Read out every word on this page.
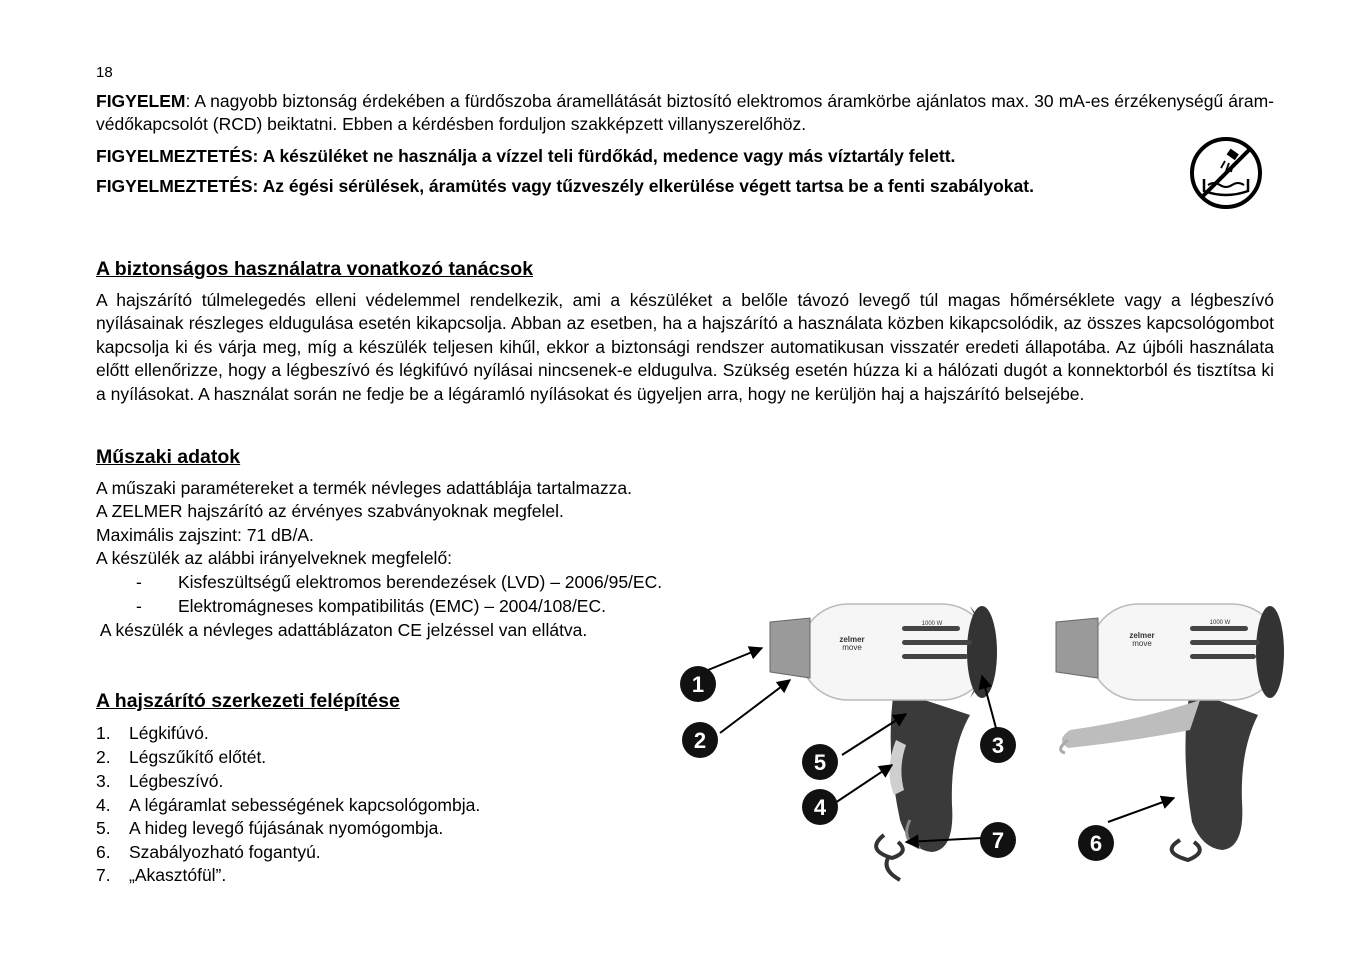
18
FIGYELEM: A nagyobb biztonság érdekében a fürdőszoba áramellátását biztosító elektromos áramkörbe ajánlatos max. 30 mA-es érzékenységű áram-védőkapcsolót (RCD) beiktatni. Ebben a kérdésben forduljon szakképzett villanyszerelőhöz.
FIGYELMEZTETÉS: A készüléket ne használja a vízzel teli fürdőkád, medence vagy más víztartály felett.
FIGYELMEZTETÉS: Az égési sérülések, áramütés vagy tűzveszély elkerülése végett tartsa be a fenti szabályokat.
A biztonságos használatra vonatkozó tanácsok
A hajszárító túlmelegedés elleni védelemmel rendelkezik, ami a készüléket a belőle távozó levegő túl magas hőmérséklete vagy a légbeszívó nyílásainak részleges eldugulása esetén kikapcsolja. Abban az esetben, ha a hajszárító a használata közben kikapcsolódik, az összes kapcsológombot kapcsolja ki és várja meg, míg a készülék teljesen kihűl, ekkor a biztonsági rendszer automatikusan visszatér eredeti állapotába. Az újbóli használata előtt ellenőrizze, hogy a légbeszívó és légkifúvó nyílásai nincsenek-e eldugulva. Szükség esetén húzza ki a hálózati dugót a konnektorból és tisztítsa ki a nyílásokat. A használat során ne fedje be a légáramló nyílásokat és ügyeljen arra, hogy ne kerüljön haj a hajszárító belsejébe.
Műszaki adatok
A műszaki paramétereket a termék névleges adattáblája tartalmazza.
A ZELMER hajszárító az érvényes szabványoknak megfelel.
Maximális zajszint: 71 dB/A.
A készülék az alábbi irányelveknek megfelelő:
- Kisfeszültségű elektromos berendezések (LVD) – 2006/95/EC.
- Elektromágneses kompatibilitás (EMC) – 2004/108/EC.
A készülék a névleges adattáblázaton CE jelzéssel van ellátva.
A hajszárító szerkezeti felépítése
1. Légkifúvó.
2. Légszűkítő előtét.
3. Légbeszívó.
4. A légáramlat sebességének kapcsológombja.
5. A hideg levegő fújásának nyomógombja.
6. Szabályozható fogantyú.
7. „Akasztófül”.
zelmer
move
1000 W
zelmer
move
1000 W
1
2	3
4
5
6
7
